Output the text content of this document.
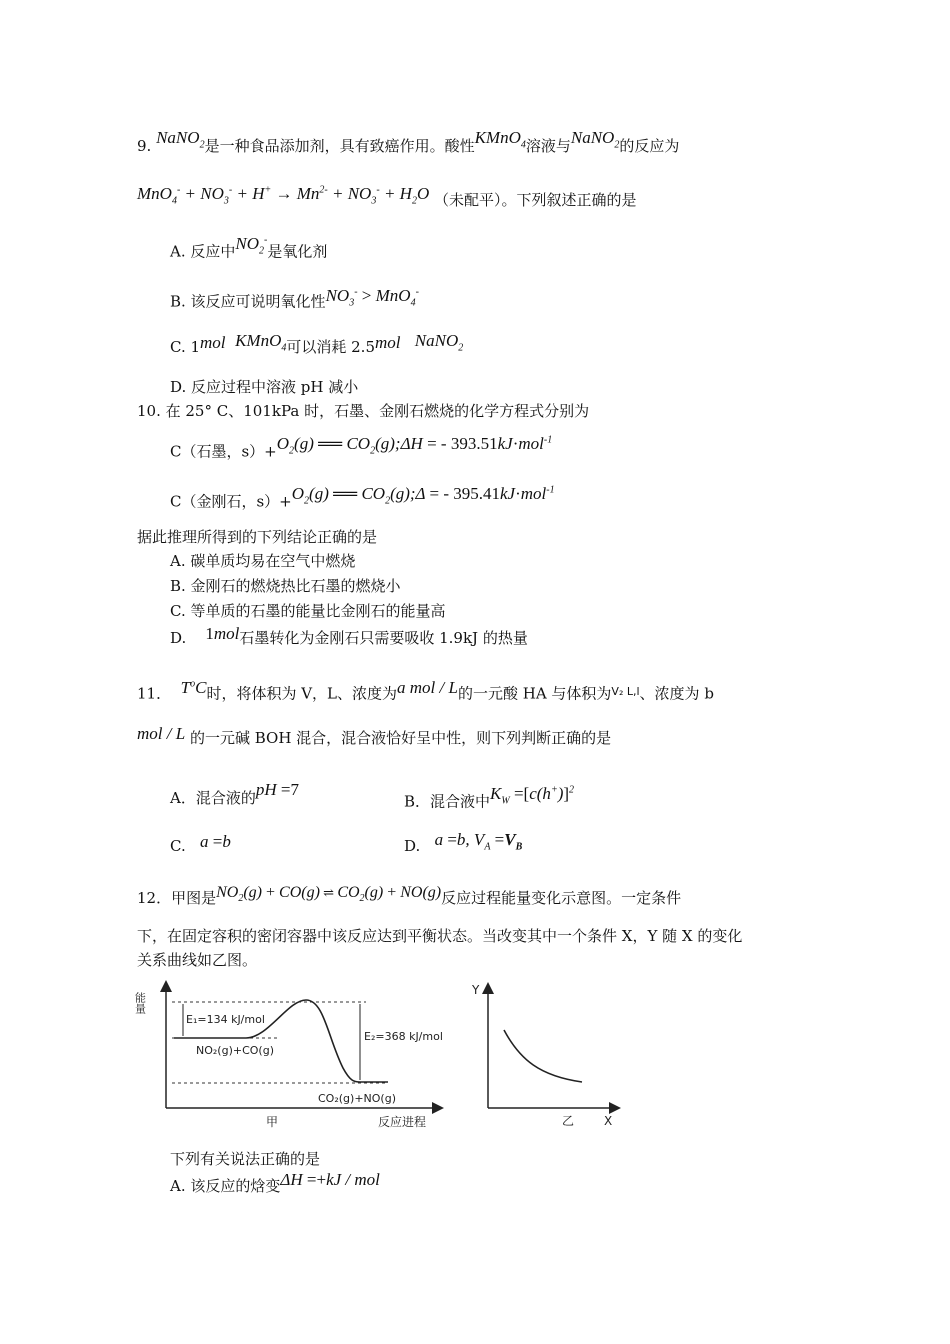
9. NaNO$_2$是一种食品添加剂，具有致癌作用。酸性KMnO$_4$溶液与NaNO$_2$的反应为
$MnO_4^- + NO_3^- + H^+ \to Mn^{2-} + NO_3^- + H_2O$ （未配平）。下列叙述正确的是
A. 反应中$NO_2^-$是氧化剂
B. 该反应可说明氧化性$NO_3^- > MnO_4^-$
C. 1mol KMnO$_4$可以消耗 2.5mol NaNO$_2$
D. 反应过程中溶液 pH 减小
10. 在 25° C、101kPa 时，石墨、金刚石燃烧的化学方程式分别为
C（石墨，$s)+O_2(g)$ ══ $CO_2(g);\Delta H$ = - 393.51kJ·mol$^{-1}$
C（金刚石，$s)+O_2(g)$ ══ $CO_2(g);\Delta$ = - 395.41kJ·mol$^{-1}$
据此推理所得到的下列结论正确的是
A. 碳单质均易在空气中燃烧
B. 金刚石的燃烧热比石墨的燃烧小
C. 等单质的石墨的能量比金刚石的能量高
D. 1mol石墨转化为金刚石只需要吸收 1.9kJ 的热量
11． $T^oC$时，将体积为 V，L、浓度为a mol / L的一元酸 HA 与体积为$^{V_2 L,l}$、浓度为 b
mol / L 的一元碱 BOH 混合，混合液恰好呈中性，则下列判断正确的是
A．混合液的pH =7
B．混合液中$K_W =[c(h^+)]^2$
C. a =b	D. a =b, $V_A =V_B$
12．甲图是$NO_2(g) + CO(g)$ ⇌ $CO_2(g) + NO(g)$反应过程能量变化示意图。一定条件
下，在固定容积的密闭容器中该反应达到平衡状态。当改变其中一个条件 X，Y 随 X 的变化
关系曲线如乙图。
能量
E₁=134 kJ/mol
E₂=368 kJ/mol
NO₂(g)+CO(g)
CO₂(g)+NO(g)
甲	反应进程
Y
X
乙
下列有关说法正确的是
A. 该反应的焓变ΔH =+kJ / mol
